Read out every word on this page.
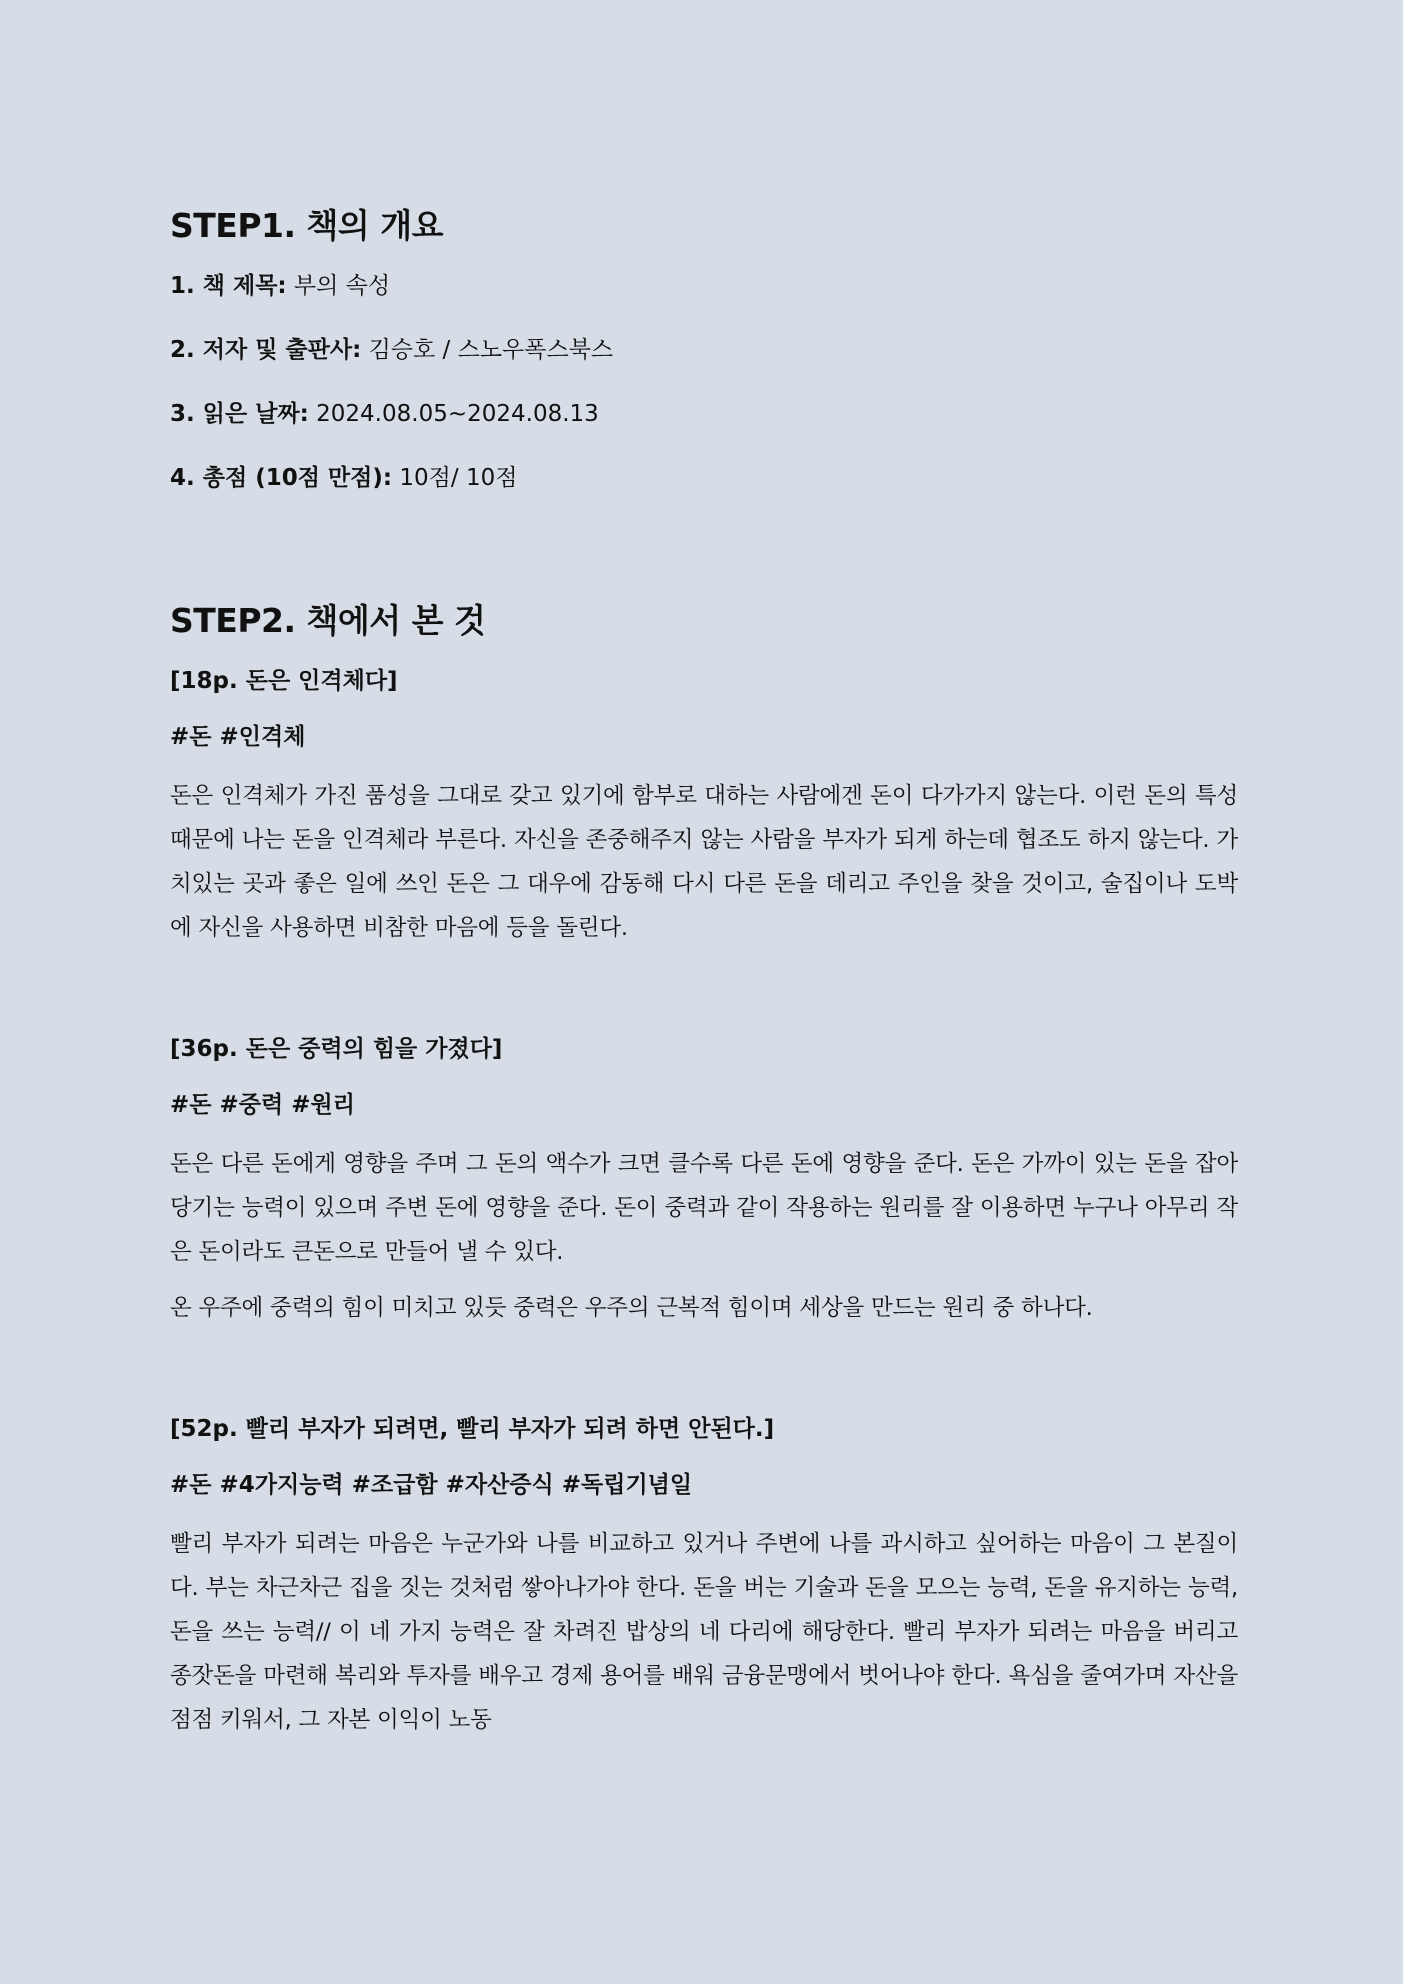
STEP1. 책의 개요
1. 책 제목: 부의 속성
2. 저자 및 출판사: 김승호 / 스노우폭스북스
3. 읽은 날짜: 2024.08.05~2024.08.13
4. 총점 (10점 만점): 10점/ 10점
STEP2. 책에서 본 것
[18p. 돈은 인격체다]
#돈 #인격체

돈은 인격체가 가진 품성을 그대로 갖고 있기에 함부로 대하는 사람에겐 돈이 다가가지 않는다. 이런 돈의 특성 때문에 나는 돈을 인격체라 부른다. 자신을 존중해주지 않는 사람을 부자가 되게 하는데 협조도 하지 않는다. 가치있는 곳과 좋은 일에 쓰인 돈은 그 대우에 감동해 다시 다른 돈을 데리고 주인을 찾을 것이고, 술집이나 도박에 자신을 사용하면 비참한 마음에 등을 돌린다.

[36p. 돈은 중력의 힘을 가졌다]
#돈 #중력 #원리

돈은 다른 돈에게 영향을 주며 그 돈의 액수가 크면 클수록 다른 돈에 영향을 준다. 돈은 가까이 있는 돈을 잡아당기는 능력이 있으며 주변 돈에 영향을 준다. 돈이 중력과 같이 작용하는 원리를 잘 이용하면 누구나 아무리 작은 돈이라도 큰돈으로 만들어 낼 수 있다.

온 우주에 중력의 힘이 미치고 있듯 중력은 우주의 근복적 힘이며 세상을 만드는 원리 중 하나다.

[52p. 빨리 부자가 되려면, 빨리 부자가 되려 하면 안된다.]
#돈 #4가지능력 #조급함 #자산증식 #독립기념일

빨리 부자가 되려는 마음은 누군가와 나를 비교하고 있거나 주변에 나를 과시하고 싶어하는 마음이 그 본질이다. 부는 차근차근 집을 짓는 것처럼 쌓아나가야 한다. 돈을 버는 기술과 돈을 모으는 능력, 돈을 유지하는 능력, 돈을 쓰는 능력// 이 네 가지 능력은 잘 차려진 밥상의 네 다리에 해당한다. 빨리 부자가 되려는 마음을 버리고 종잣돈을 마련해 복리와 투자를 배우고 경제 용어를 배워 금융문맹에서 벗어나야 한다. 욕심을 줄여가며 자산을 점점 키워서, 그 자본 이익이 노동
